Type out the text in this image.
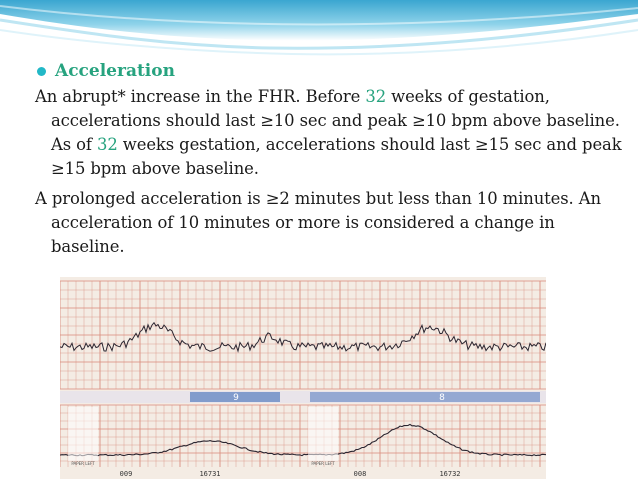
Acceleration
An abrupt* increase in the FHR. Before 32 weeks of gestation, accelerations should last ≥10 sec and peak ≥10 bpm above baseline. As of 32 weeks gestation, accelerations should last ≥15 sec and peak ≥15 bpm above baseline.
A prolonged acceleration is ≥2 minutes but less than 10 minutes. An acceleration of 10 minutes or more is considered a change in baseline.
9	8
PAPER LEFT	PAPER LEFT
009	16731	008	16732
